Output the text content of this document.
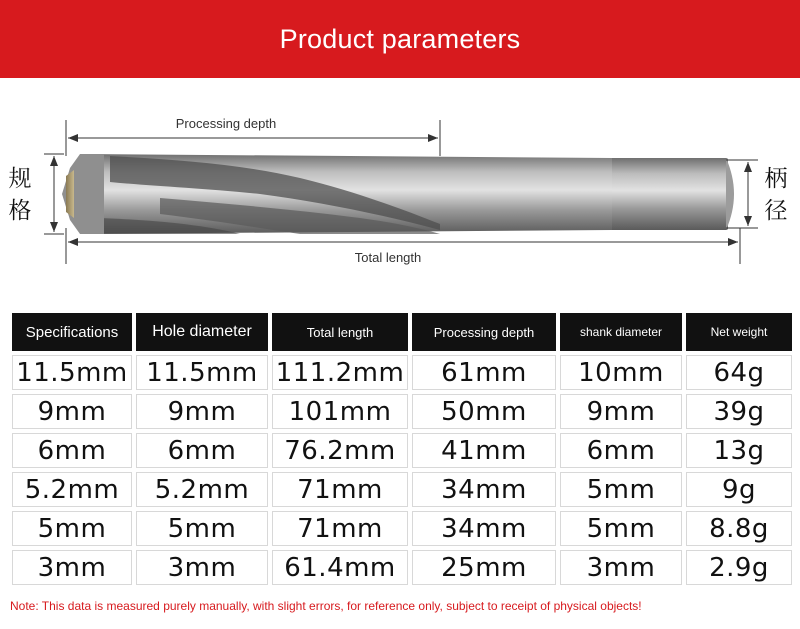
Product parameters
Processing depth
规
格
柄
径
Total length
Specifications	Hole diameter	Total length	Processing depth	shank diameter	Net weight
11.5mm	11.5mm	111.2mm	61mm	10mm	64g
9mm	9mm	101mm	50mm	9mm	39g
6mm	6mm	76.2mm	41mm	6mm	13g
5.2mm	5.2mm	71mm	34mm	5mm	9g
5mm	5mm	71mm	34mm	5mm	8.8g
3mm	3mm	61.4mm	25mm	3mm	2.9g
Note: This data is measured purely manually, with slight errors, for reference only, subject to receipt of physical objects!
